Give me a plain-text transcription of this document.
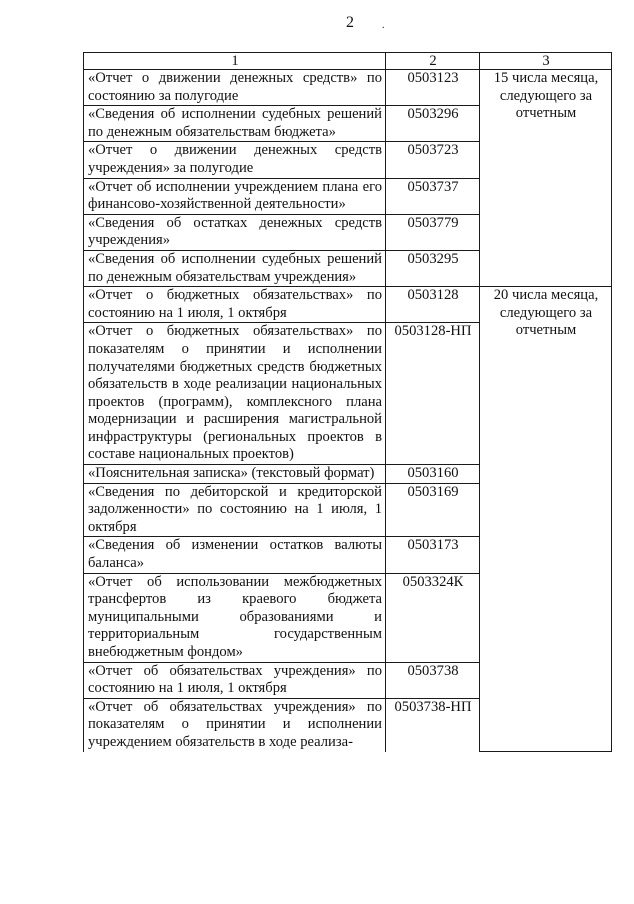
2	.
1	2	3
«Отчет о движении денежных средств» по состоянию за полугодие	0503123	15 числа месяца, следующего за отчетным
«Сведения об исполнении судебных решений по денежным обязательствам бюджета»	0503296	
«Отчет о движении денежных средств учреждения» за полугодие	0503723	
«Отчет об исполнении учреждением плана его финансово-хозяйственной деятельности»	0503737	
«Сведения об остатках денежных средств учреждения»	0503779	
«Сведения об исполнении судебных решений по денежным обязательствам учреждения»	0503295	
«Отчет о бюджетных обязательствах» по состоянию на 1 июля, 1 октября	0503128	20 числа месяца, следующего за отчетным
«Отчет о бюджетных обязательствах» по показателям о принятии и исполнении получателями бюджетных средств бюджетных обязательств в ходе реализации национальных проектов (программ), комплексного плана модернизации и расширения магистральной инфраструктуры (региональных проектов в составе национальных проектов)	0503128-НП	
«Пояснительная записка» (текстовый формат)	0503160	
«Сведения по дебиторской и кредиторской задолженности» по состоянию на 1 июля, 1 октября	0503169	
«Сведения об изменении остатков валюты баланса»	0503173	
«Отчет об использовании межбюджетных трансфертов из краевого бюджета муниципальными образованиями и территориальным государственным внебюджетным фондом»	0503324К	
«Отчет об обязательствах учреждения» по состоянию на 1 июля, 1 октября	0503738	
«Отчет об обязательствах учреждения» по показателям о принятии и исполнении учреждением обязательств в ходе реализа-	0503738-НП	
